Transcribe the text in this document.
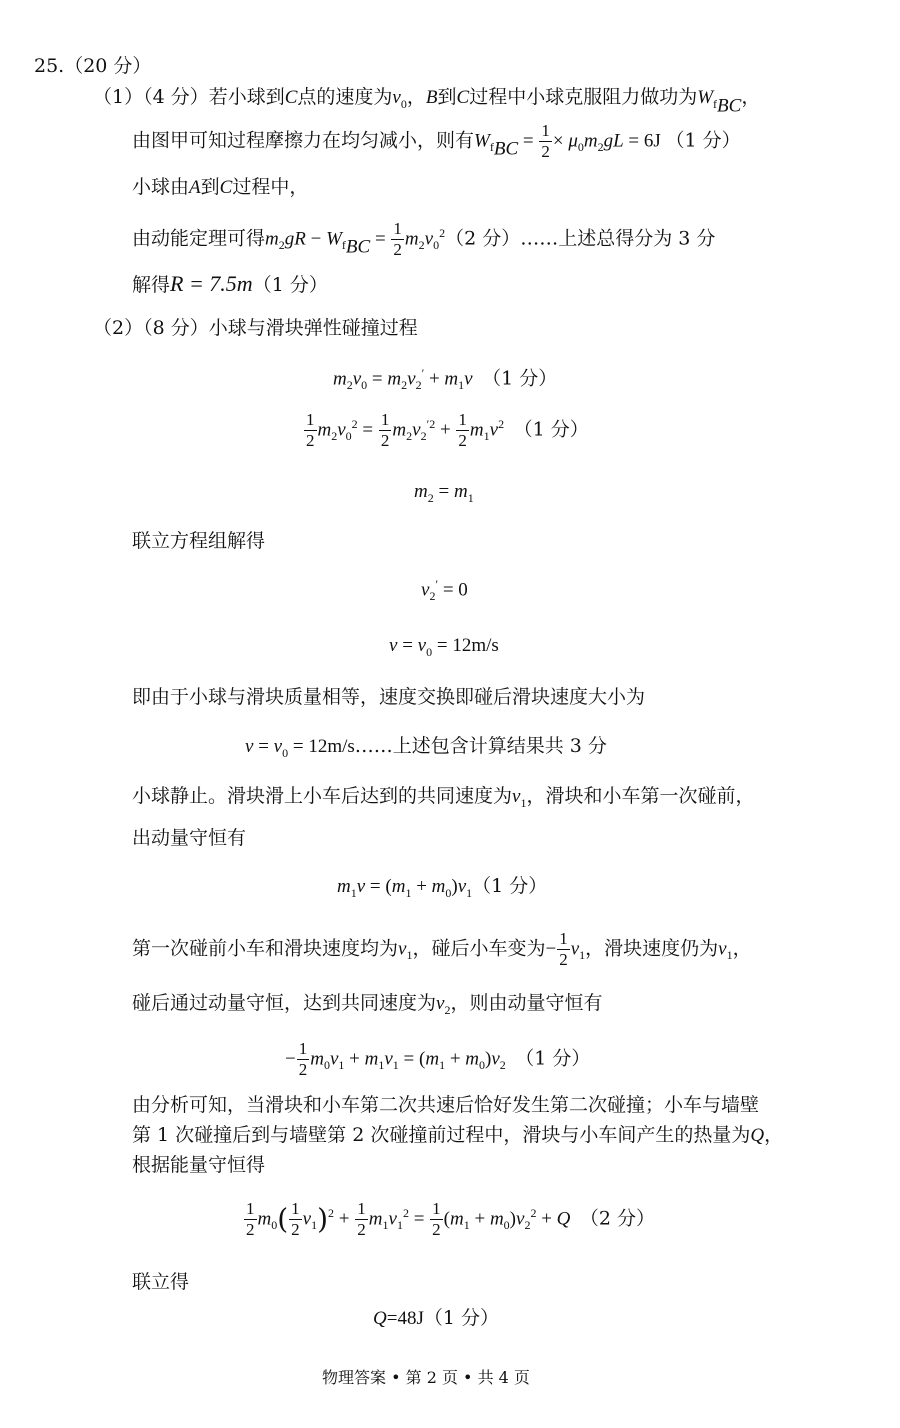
25.（20 分）
（1）（4 分）若小球到C点的速度为$v_0$，B到C过程中小球克服阻力做功为$W_{f_{BC}}$，
由图甲可知过程摩擦力在均匀减小，则有$W_{f_{BC}} = \frac{1}{2} \times \mu_0m_2gL = 6J$ （1 分）
小球由A到C过程中，
由动能定理可得$m_2gR - W_{f_{BC}} = \frac{1}{2} m_2v_0^2(2$ 分）……上述总得分为 3 分
解得R = 7.5m（1 分）
（2）（8 分）小球与滑块弹性碰撞过程
$m_2v_0 = m_2v_2' + m_1v$　 （1 分）
$\frac{1}{2} m_2v_0^2 = \frac{1}{2} m_2v_2^{'2} + \frac{1}{2} m_1v^2$　 （1 分）
$m_2 = m_1$
联立方程组解得
$v_2' = 0$
$v = v_0 = 12m/s$
即由于小球与滑块质量相等，速度交换即碰后滑块速度大小为
$v = v_0$ = 12m/s……上述包含计算结果共 3 分
小球静止。滑块滑上小车后达到的共同速度为$v_1$，滑块和小车第一次碰前，
出动量守恒有
$m_1v = (m_1 + m_0)v_1(1$ 分）
第一次碰前小车和滑块速度均为$v_1$，碰后小车变为− $\frac{1}{2} v_1$，滑块速度仍为$v_1$，
碰后通过动量守恒，达到共同速度为$v_2$，则由动量守恒有
− $\frac{1}{2} m_0v_1 + m_1v_1 = (m_1 + m_0)v_2$　 （1 分）
由分析可知，当滑块和小车第二次共速后恰好发生第二次碰撞；小车与墙壁
第 1 次碰撞后到与墙壁第 2 次碰撞前过程中，滑块与小车间产生的热量为Q，
根据能量守恒得
$\frac{1}{2} m_0( \frac{1}{2} v_1)^2 + \frac{1}{2} m_1v_1^2 = \frac{1}{2} (m_1 + m_0)v_2^2 + Q$　 （2 分）
联立得
Q=48J（1 分）
物理答案 • 第 2 页 • 共 4 页
